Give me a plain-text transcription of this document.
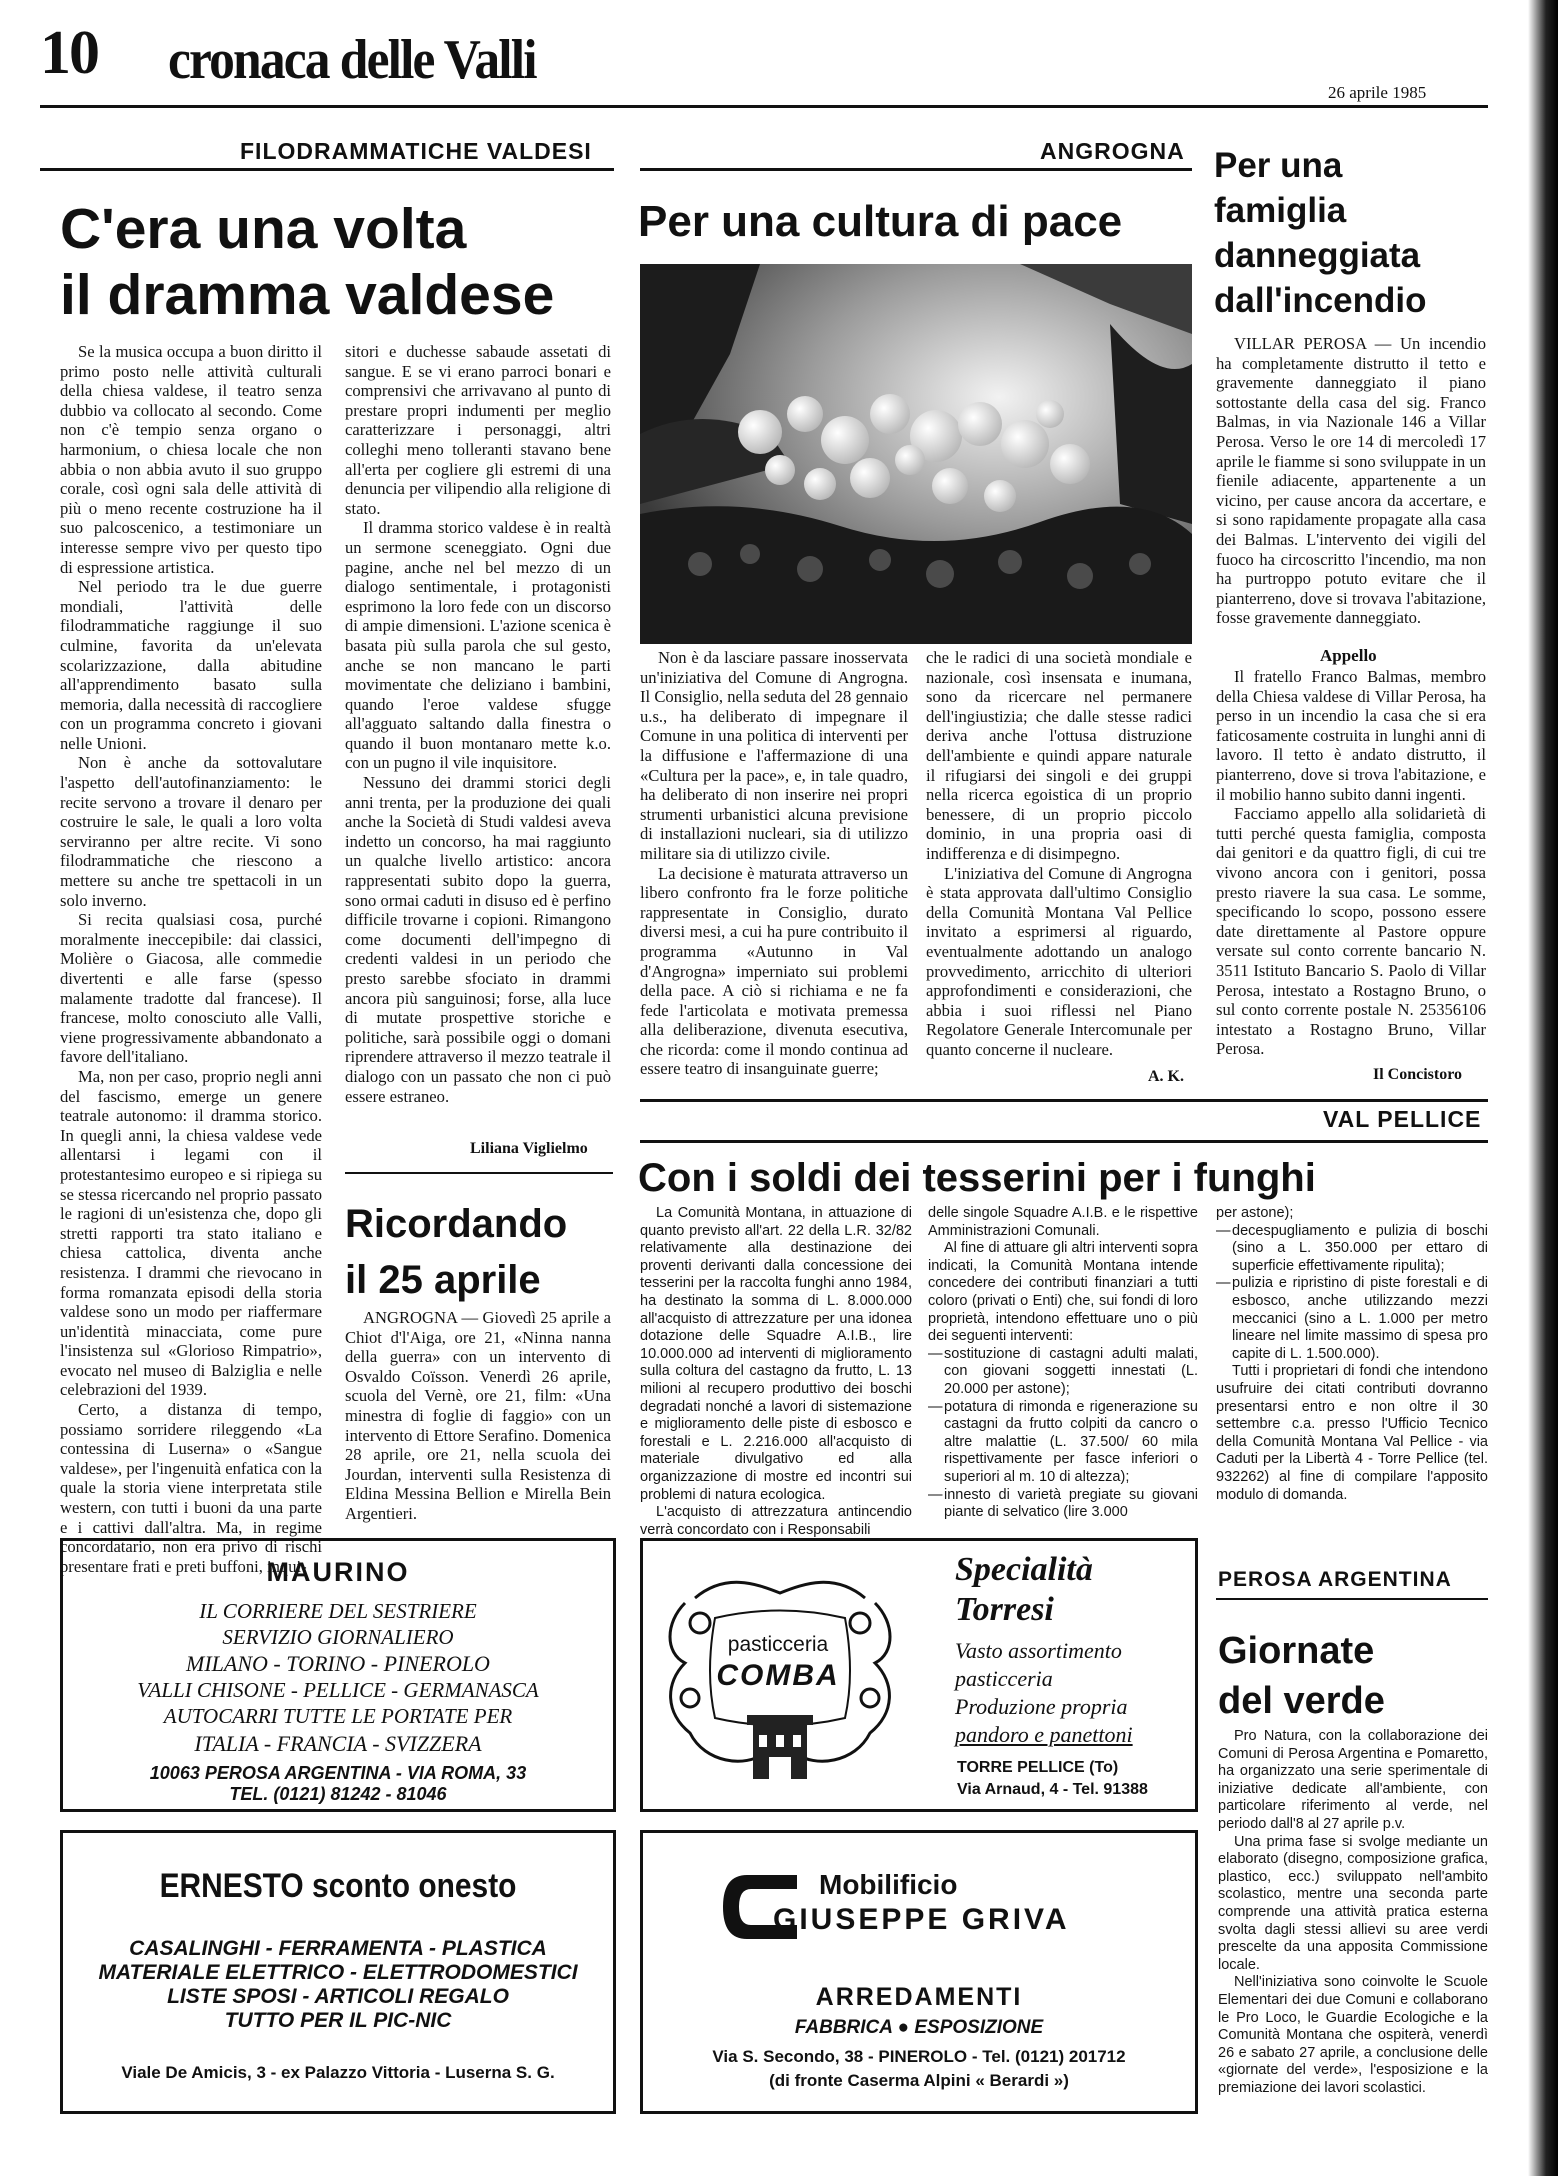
10 cronaca delle Valli
26 aprile 1985
FILODRAMMATICHE VALDESI
C'era una volta
il dramma valdese

Se la musica occupa a buon diritto il primo posto nelle attività culturali della chiesa valdese, il teatro senza dubbio va collocato al secondo. Come non c'è tempio senza organo o harmonium, o chiesa locale che non abbia o non abbia avuto il suo gruppo corale, così ogni sala delle attività di più o meno recente costruzione ha il suo palcoscenico, a testimoniare un interesse sempre vivo per questo tipo di espressione artistica.

Nel periodo tra le due guerre mondiali, l'attività delle filodrammatiche raggiunge il suo culmine, favorita da un'elevata scolarizzazione, dalla abitudine all'apprendimento basato sulla memoria, dalla necessità di raccogliere con un programma concreto i giovani nelle Unioni.

Non è anche da sottovalutare l'aspetto dell'autofinanziamento: le recite servono a trovare il denaro per costruire le sale, le quali a loro volta serviranno per altre recite. Vi sono filodrammatiche che riescono a mettere su anche tre spettacoli in un solo inverno.

Si recita qualsiasi cosa, purché moralmente ineccepibile: dai classici, Molière o Giacosa, alle commedie divertenti e alle farse (spesso malamente tradotte dal francese). Il francese, molto conosciuto alle Valli, viene progressivamente abbandonato a favore dell'italiano.

Ma, non per caso, proprio negli anni del fascismo, emerge un genere teatrale autonomo: il dramma storico. In quegli anni, la chiesa valdese vede allentarsi i legami con il protestantesimo europeo e si ripiega su se stessa ricercando nel proprio passato le ragioni di un'esistenza che, dopo gli stretti rapporti tra stato italiano e chiesa cattolica, diventa anche resistenza. I drammi che rievocano in forma romanzata episodi della storia valdese sono un modo per riaffermare un'identità minacciata, come pure l'insistenza sul «Glorioso Rimpatrio», evocato nel museo di Balziglia e nelle celebrazioni del 1939.

Certo, a distanza di tempo, possiamo sorridere rileggendo «La contessina di Luserna» o «Sangue valdese», per l'ingenuità enfatica con la quale la storia viene interpretata stile western, con tutti i buoni da una parte e i cattivi dall'altra. Ma, in regime concordatario, non era privo di rischi presentare frati e preti buffoni, inqui-

sitori e duchesse sabaude assetati di sangue. E se vi erano parroci bonari e comprensivi che arrivavano al punto di prestare propri indumenti per meglio caratterizzare i personaggi, altri colleghi meno tolleranti stavano bene all'erta per cogliere gli estremi di una denuncia per vilipendio alla religione di stato.

Il dramma storico valdese è in realtà un sermone sceneggiato. Ogni due pagine, anche nel bel mezzo di un dialogo sentimentale, i protagonisti esprimono la loro fede con un discorso di ampie dimensioni. L'azione scenica è basata più sulla parola che sul gesto, anche se non mancano le parti movimentate che deliziano i bambini, quando l'eroe valdese sfugge all'agguato saltando dalla finestra o quando il buon montanaro mette k.o. con un pugno il vile inquisitore.

Nessuno dei drammi storici degli anni trenta, per la produzione dei quali anche la Società di Studi valdesi aveva indetto un concorso, ha mai raggiunto un qualche livello artistico: ancora rappresentati subito dopo la guerra, sono ormai caduti in disuso ed è perfino difficile trovarne i copioni. Rimangono come documenti dell'impegno di credenti valdesi in un periodo che presto sarebbe sfociato in drammi ancora più sanguinosi; forse, alla luce di mutate prospettive storiche e politiche, sarà possibile oggi o domani riprendere attraverso il mezzo teatrale il dialogo con un passato che non ci può essere estraneo.

Liliana Viglielmo
Ricordando
il 25 aprile

ANGROGNA — Giovedì 25 aprile a Chiot d'l'Aiga, ore 21, «Ninna nanna della guerra» con un intervento di Osvaldo Coïsson. Venerdì 26 aprile, scuola del Vernè, ore 21, film: «Una minestra di foglie di faggio» con un intervento di Ettore Serafino. Domenica 28 aprile, ore 21, nella scuola dei Jourdan, interventi sulla Resistenza di Eldina Messina Bellion e Mirella Bein Argentieri.

ANGROGNA
Per una cultura di pace

Non è da lasciare passare inosservata un'iniziativa del Comune di Angrogna. Il Consiglio, nella seduta del 28 gennaio u.s., ha deliberato di impegnare il Comune in una politica di interventi per la diffusione e l'affermazione di una «Cultura per la pace», e, in tale quadro, ha deliberato di non inserire nei propri strumenti urbanistici alcuna previsione di installazioni nucleari, sia di utilizzo militare sia di utilizzo civile.

La decisione è maturata attraverso un libero confronto fra le forze politiche rappresentate in Consiglio, durato diversi mesi, a cui ha pure contribuito il programma «Autunno in Val d'Angrogna» imperniato sui problemi della pace. A ciò si richiama e ne fa fede l'articolata e motivata premessa alla deliberazione, divenuta esecutiva, che ricorda: come il mondo continua ad essere teatro di insanguinate guerre;

che le radici di una società mondiale e nazionale, così insensata e inumana, sono da ricercare nel permanere dell'ingiustizia; che dalle stesse radici deriva anche l'ottusa distruzione dell'ambiente e quindi appare naturale il rifugiarsi dei singoli e dei gruppi nella ricerca egoistica di un proprio benessere, di un proprio piccolo dominio, in una propria oasi di indifferenza e di disimpegno.

L'iniziativa del Comune di Angrogna è stata approvata dall'ultimo Consiglio della Comunità Montana Val Pellice invitato a esprimersi al riguardo, eventualmente adottando un analogo provvedimento, arricchito di ulteriori approfondimenti e considerazioni, che abbia i suoi riflessi nel Piano Regolatore Generale Intercomunale per quanto concerne il nucleare.

A. K.
Per una
famiglia
danneggiata
dall'incendio

VILLAR PEROSA — Un incendio ha completamente distrutto il tetto e gravemente danneggiato il piano sottostante della casa del sig. Franco Balmas, in via Nazionale 146 a Villar Perosa. Verso le ore 14 di mercoledì 17 aprile le fiamme si sono sviluppate in un fienile adiacente, appartenente a un vicino, per cause ancora da accertare, e si sono rapidamente propagate alla casa dei Balmas. L'intervento dei vigili del fuoco ha circoscritto l'incendio, ma non ha purtroppo potuto evitare che il pianterreno, dove si trovava l'abitazione, fosse gravemente danneggiato.

Appello

Il fratello Franco Balmas, membro della Chiesa valdese di Villar Perosa, ha perso in un incendio la casa che si era faticosamente costruita in lunghi anni di lavoro. Il tetto è andato distrutto, il pianterreno, dove si trova l'abitazione, e il mobilio hanno subito danni ingenti.

Facciamo appello alla solidarietà di tutti perché questa famiglia, composta dai genitori e da quattro figli, di cui tre vivono ancora con i genitori, possa presto riavere la sua casa. Le somme, specificando lo scopo, possono essere date direttamente al Pastore oppure versate sul conto corrente bancario N. 3511 Istituto Bancario S. Paolo di Villar Perosa, intestato a Rostagno Bruno, o sul conto corrente postale N. 25356106 intestato a Rostagno Bruno, Villar Perosa.

Il Concistoro
VAL PELLICE
Con i soldi dei tesserini per i funghi

La Comunità Montana, in attuazione di quanto previsto all'art. 22 della L.R. 32/82 relativamente alla destinazione dei proventi derivanti dalla concessione dei tesserini per la raccolta funghi anno 1984, ha destinato la somma di L. 8.000.000 all'acquisto di attrezzature per una idonea dotazione delle Squadre A.I.B., lire 10.000.000 ad interventi di miglioramento sulla coltura del castagno da frutto, L. 13 milioni al recupero produttivo dei boschi degradati nonché a lavori di sistemazione e miglioramento delle piste di esbosco e forestali e L. 2.216.000 all'acquisto di materiale divulgativo ed alla organizzazione di mostre ed incontri sui problemi di natura ecologica.

L'acquisto di attrezzatura antincendio verrà concordato con i Responsabili

delle singole Squadre A.I.B. e le rispettive Amministrazioni Comunali.

Al fine di attuare gli altri interventi sopra indicati, la Comunità Montana intende concedere dei contributi finanziari a tutti coloro (privati o Enti) che, sui fondi di loro proprietà, intendono effettuare uno o più dei seguenti interventi:

— sostituzione di castagni adulti malati, con giovani soggetti innestati (L. 20.000 per astone);

— potatura di rimonda e rigenerazione su castagni da frutto colpiti da cancro o altre malattie (L. 37.500/ 60 mila rispettivamente per fasce inferiori o superiori al m. 10 di altezza);

— innesto di varietà pregiate su giovani piante di selvatico (lire 3.000

per astone);

— decespugliamento e pulizia di boschi (sino a L. 350.000 per ettaro di superficie effettivamente ripulita);

— pulizia e ripristino di piste forestali e di esbosco, anche utilizzando mezzi meccanici (sino a L. 1.000 per metro lineare nel limite massimo di spesa pro capite di L. 1.500.000).

Tutti i proprietari di fondi che intendono usufruire dei citati contributi dovranno presentarsi entro e non oltre il 30 settembre c.a. presso l'Ufficio Tecnico della Comunità Montana Val Pellice - via Caduti per la Libertà 4 - Torre Pellice (tel. 932262) al fine di compilare l'apposito modulo di domanda.

MAURINO
IL CORRIERE DEL SESTRIERE
SERVIZIO GIORNALIERO
MILANO - TORINO - PINEROLO
VALLI CHISONE - PELLICE - GERMANASCA
AUTOCARRI TUTTE LE PORTATE PER
ITALIA - FRANCIA - SVIZZERA
10063 PEROSA ARGENTINA - VIA ROMA, 33
TEL. (0121) 81242 - 81046
pasticceria
COMBA
Specialità
Torresi
Vasto assortimento
pasticceria
Produzione propria
pandoro e panettoni
TORRE PELLICE (To)
Via Arnaud, 4 - Tel. 91388
PEROSA ARGENTINA
Giornate
del verde

Pro Natura, con la collaborazione dei Comuni di Perosa Argentina e Pomaretto, ha organizzato una serie sperimentale di iniziative dedicate all'ambiente, con particolare riferimento al verde, nel periodo dall'8 al 27 aprile p.v.

Una prima fase si svolge mediante un elaborato (disegno, composizione grafica, plastico, ecc.) sviluppato nell'ambito scolastico, mentre una seconda parte comprende una attività pratica esterna svolta dagli stessi allievi su aree verdi prescelte da una apposita Commissione locale.

Nell'iniziativa sono coinvolte le Scuole Elementari dei due Comuni e collaborano le Pro Loco, le Guardie Ecologiche e la Comunità Montana che ospiterà, venerdì 26 e sabato 27 aprile, a conclusione delle «giornate del verde», l'esposizione e la premiazione dei lavori scolastici.

ERNESTO sconto onesto
CASALINGHI - FERRAMENTA - PLASTICA
MATERIALE ELETTRICO - ELETTRODOMESTICI
LISTE SPOSI - ARTICOLI REGALO
TUTTO PER IL PIC-NIC
Viale De Amicis, 3 - ex Palazzo Vittoria - Luserna S. G.
Mobilificio
GIUSEPPE GRIVA
ARREDAMENTI
FABBRICA ● ESPOSIZIONE
Via S. Secondo, 38 - PINEROLO - Tel. (0121) 201712
(di fronte Caserma Alpini « Berardi »)
